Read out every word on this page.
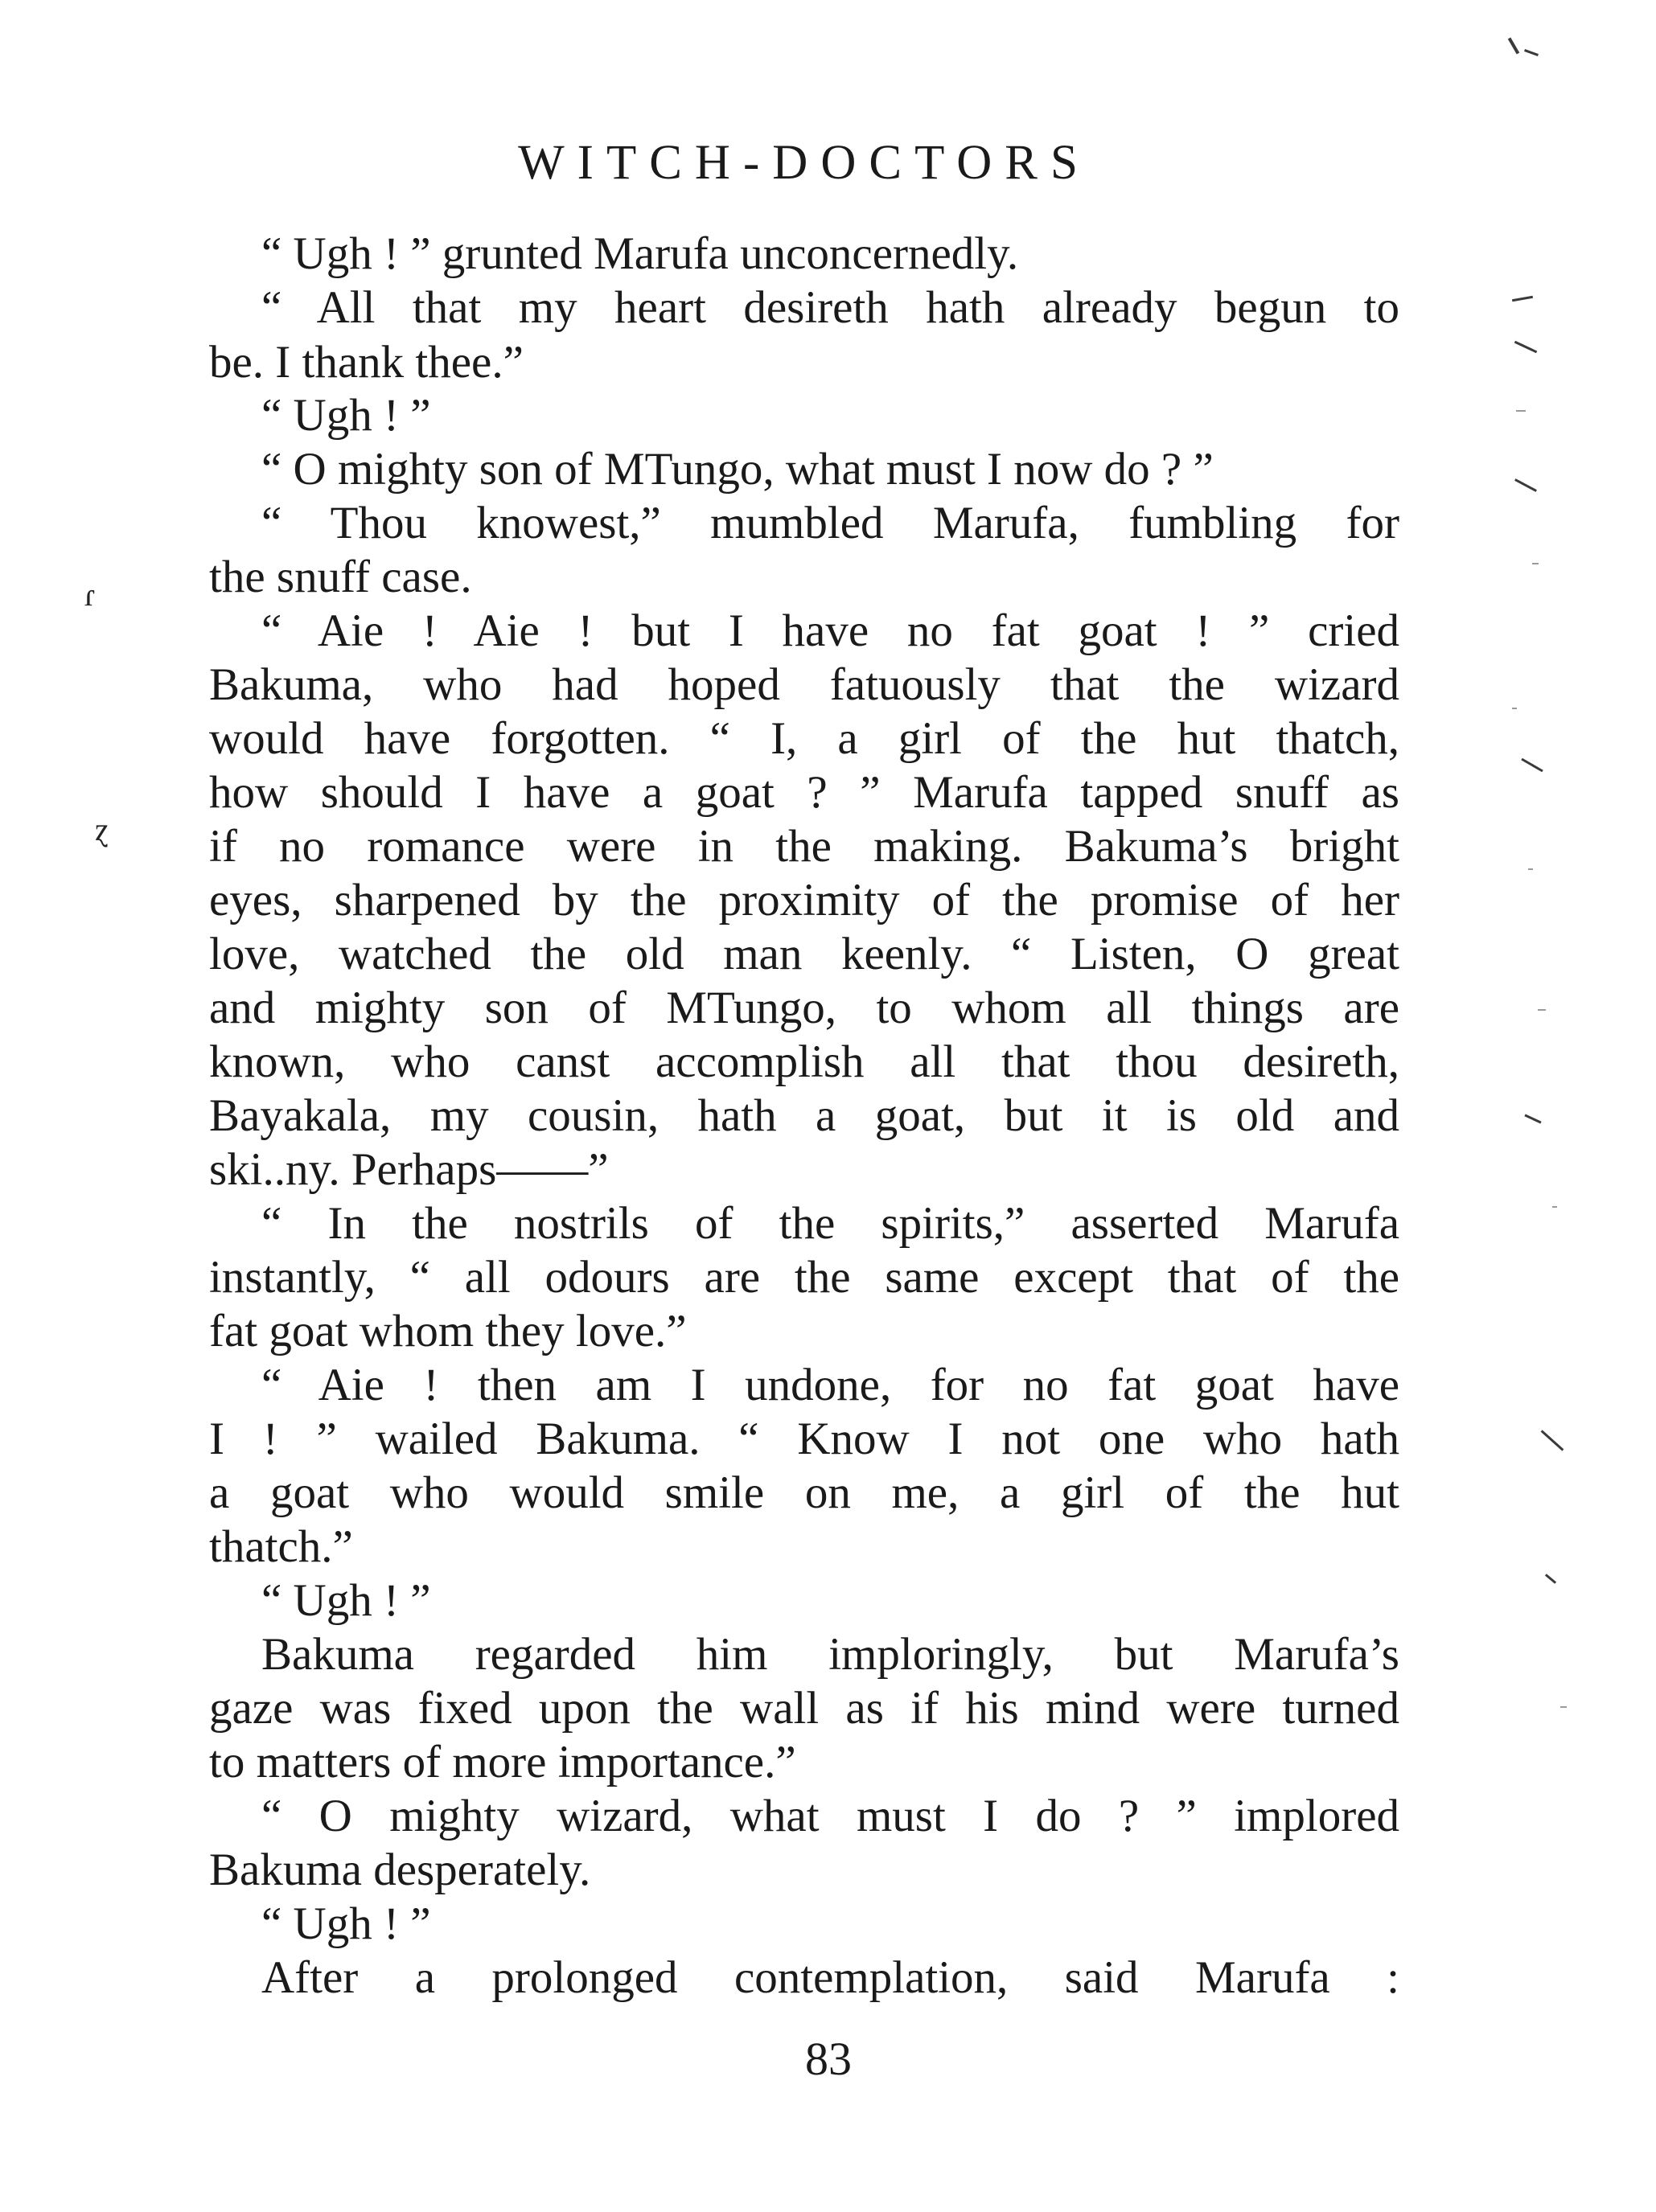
WITCH-DOCTORS
“ Ugh ! ” grunted Marufa unconcernedly.
“ All that my heart desireth hath already begun to
be. I thank thee.”
“ Ugh ! ”
“ O mighty son of MTungo, what must I now do ? ”
“ Thou knowest,” mumbled Marufa, fumbling for
the snuff case.
“ Aie ! Aie ! but I have no fat goat ! ” cried
Bakuma, who had hoped fatuously that the wizard
would have forgotten. “ I, a girl of the hut thatch,
how should I have a goat ? ” Marufa tapped snuff as
if no romance were in the making. Bakuma’s bright
eyes, sharpened by the proximity of the promise of her
love, watched the old man keenly. “ Listen, O great
and mighty son of MTungo, to whom all things are
known, who canst accomplish all that thou desireth,
Bayakala, my cousin, hath a goat, but it is old and
ski..ny. Perhaps——”
“ In the nostrils of the spirits,” asserted Marufa
instantly, “ all odours are the same except that of the
fat goat whom they love.”
“ Aie ! then am I undone, for no fat goat have
I ! ” wailed Bakuma. “ Know I not one who hath
a goat who would smile on me, a girl of the hut
thatch.”
“ Ugh ! ”
Bakuma regarded him imploringly, but Marufa’s
gaze was fixed upon the wall as if his mind were turned
to matters of more importance.”
“ O mighty wizard, what must I do ? ” implored
Bakuma desperately.
“ Ugh ! ”
After a prolonged contemplation, said Marufa :
83
ɾ
ɀ
